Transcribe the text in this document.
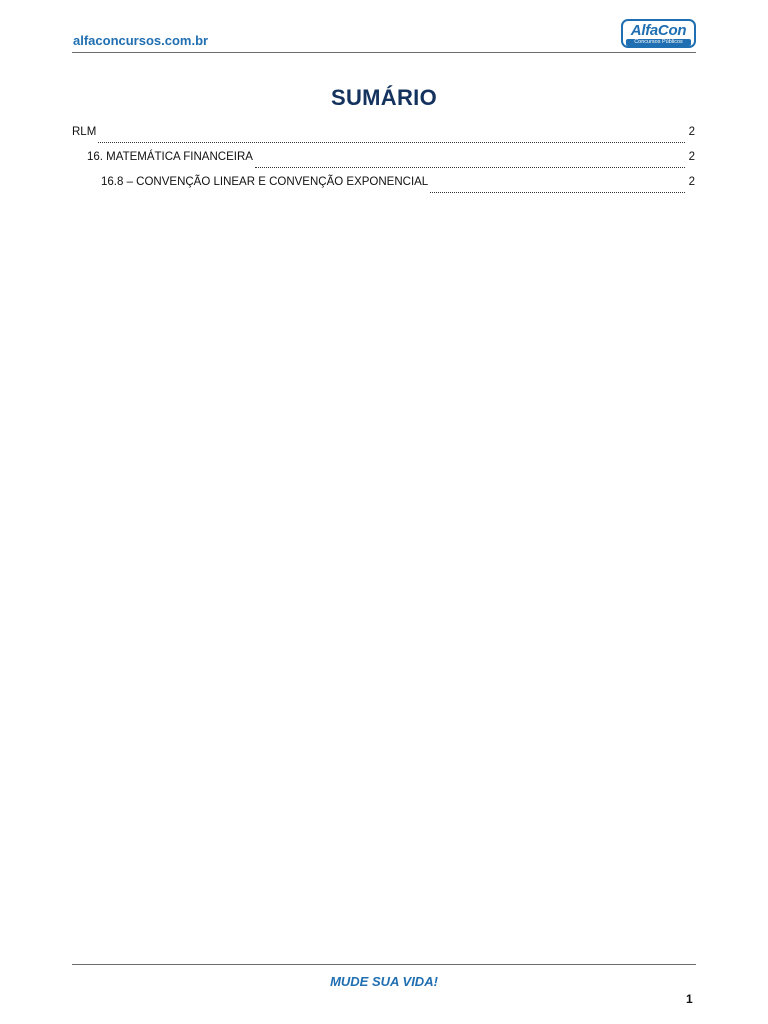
alfaconcursos.com.br
AlfaCon
Concursos Públicos
SUMÁRIO
RLM	2
16. MATEMÁTICA FINANCEIRA	2
16.8 – CONVENÇÃO LINEAR E CONVENÇÃO EXPONENCIAL	2
MUDE SUA VIDA!
1
